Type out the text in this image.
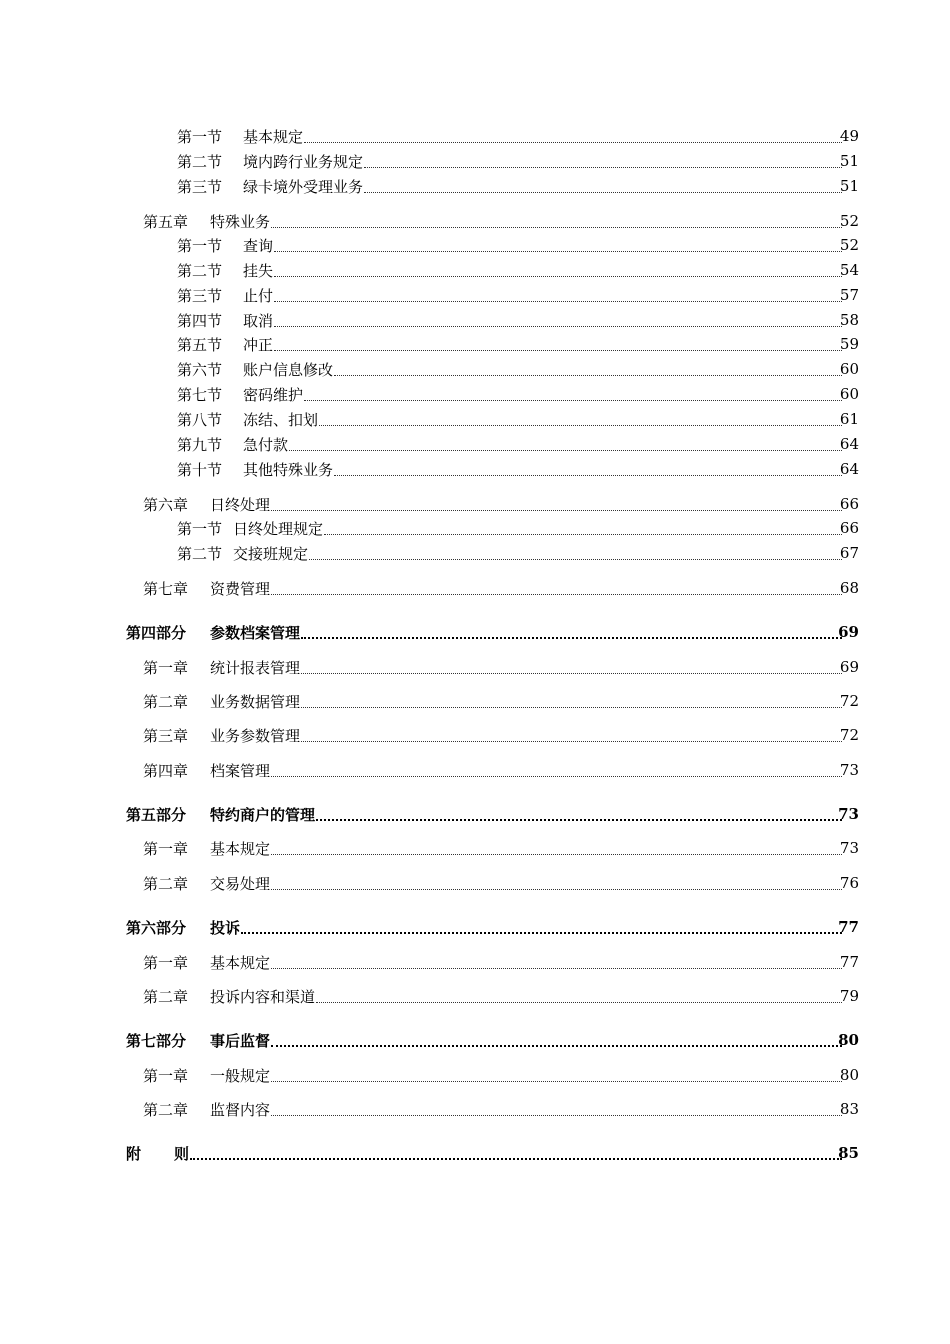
第一节 基本规定	49
第二节 境内跨行业务规定	51
第三节 绿卡境外受理业务	51
第五章 特殊业务	52
第一节 查询	52
第二节 挂失	54
第三节 止付	57
第四节 取消	58
第五节 冲正	59
第六节 账户信息修改	60
第七节 密码维护	60
第八节 冻结、扣划	61
第九节 急付款	64
第十节 其他特殊业务	64
第六章 日终处理	66
第一节 日终处理规定	66
第二节 交接班规定	67
第七章 资费管理	68
第四部分 参数档案管理	69
第一章 统计报表管理	69
第二章 业务数据管理	72
第三章 业务参数管理	72
第四章 档案管理	73
第五部分 特约商户的管理	73
第一章 基本规定	73
第二章 交易处理	76
第六部分 投诉	77
第一章 基本规定	77
第二章 投诉内容和渠道	79
第七部分 事后监督	80
第一章 一般规定	80
第二章 监督内容	83
附　　 则	85
